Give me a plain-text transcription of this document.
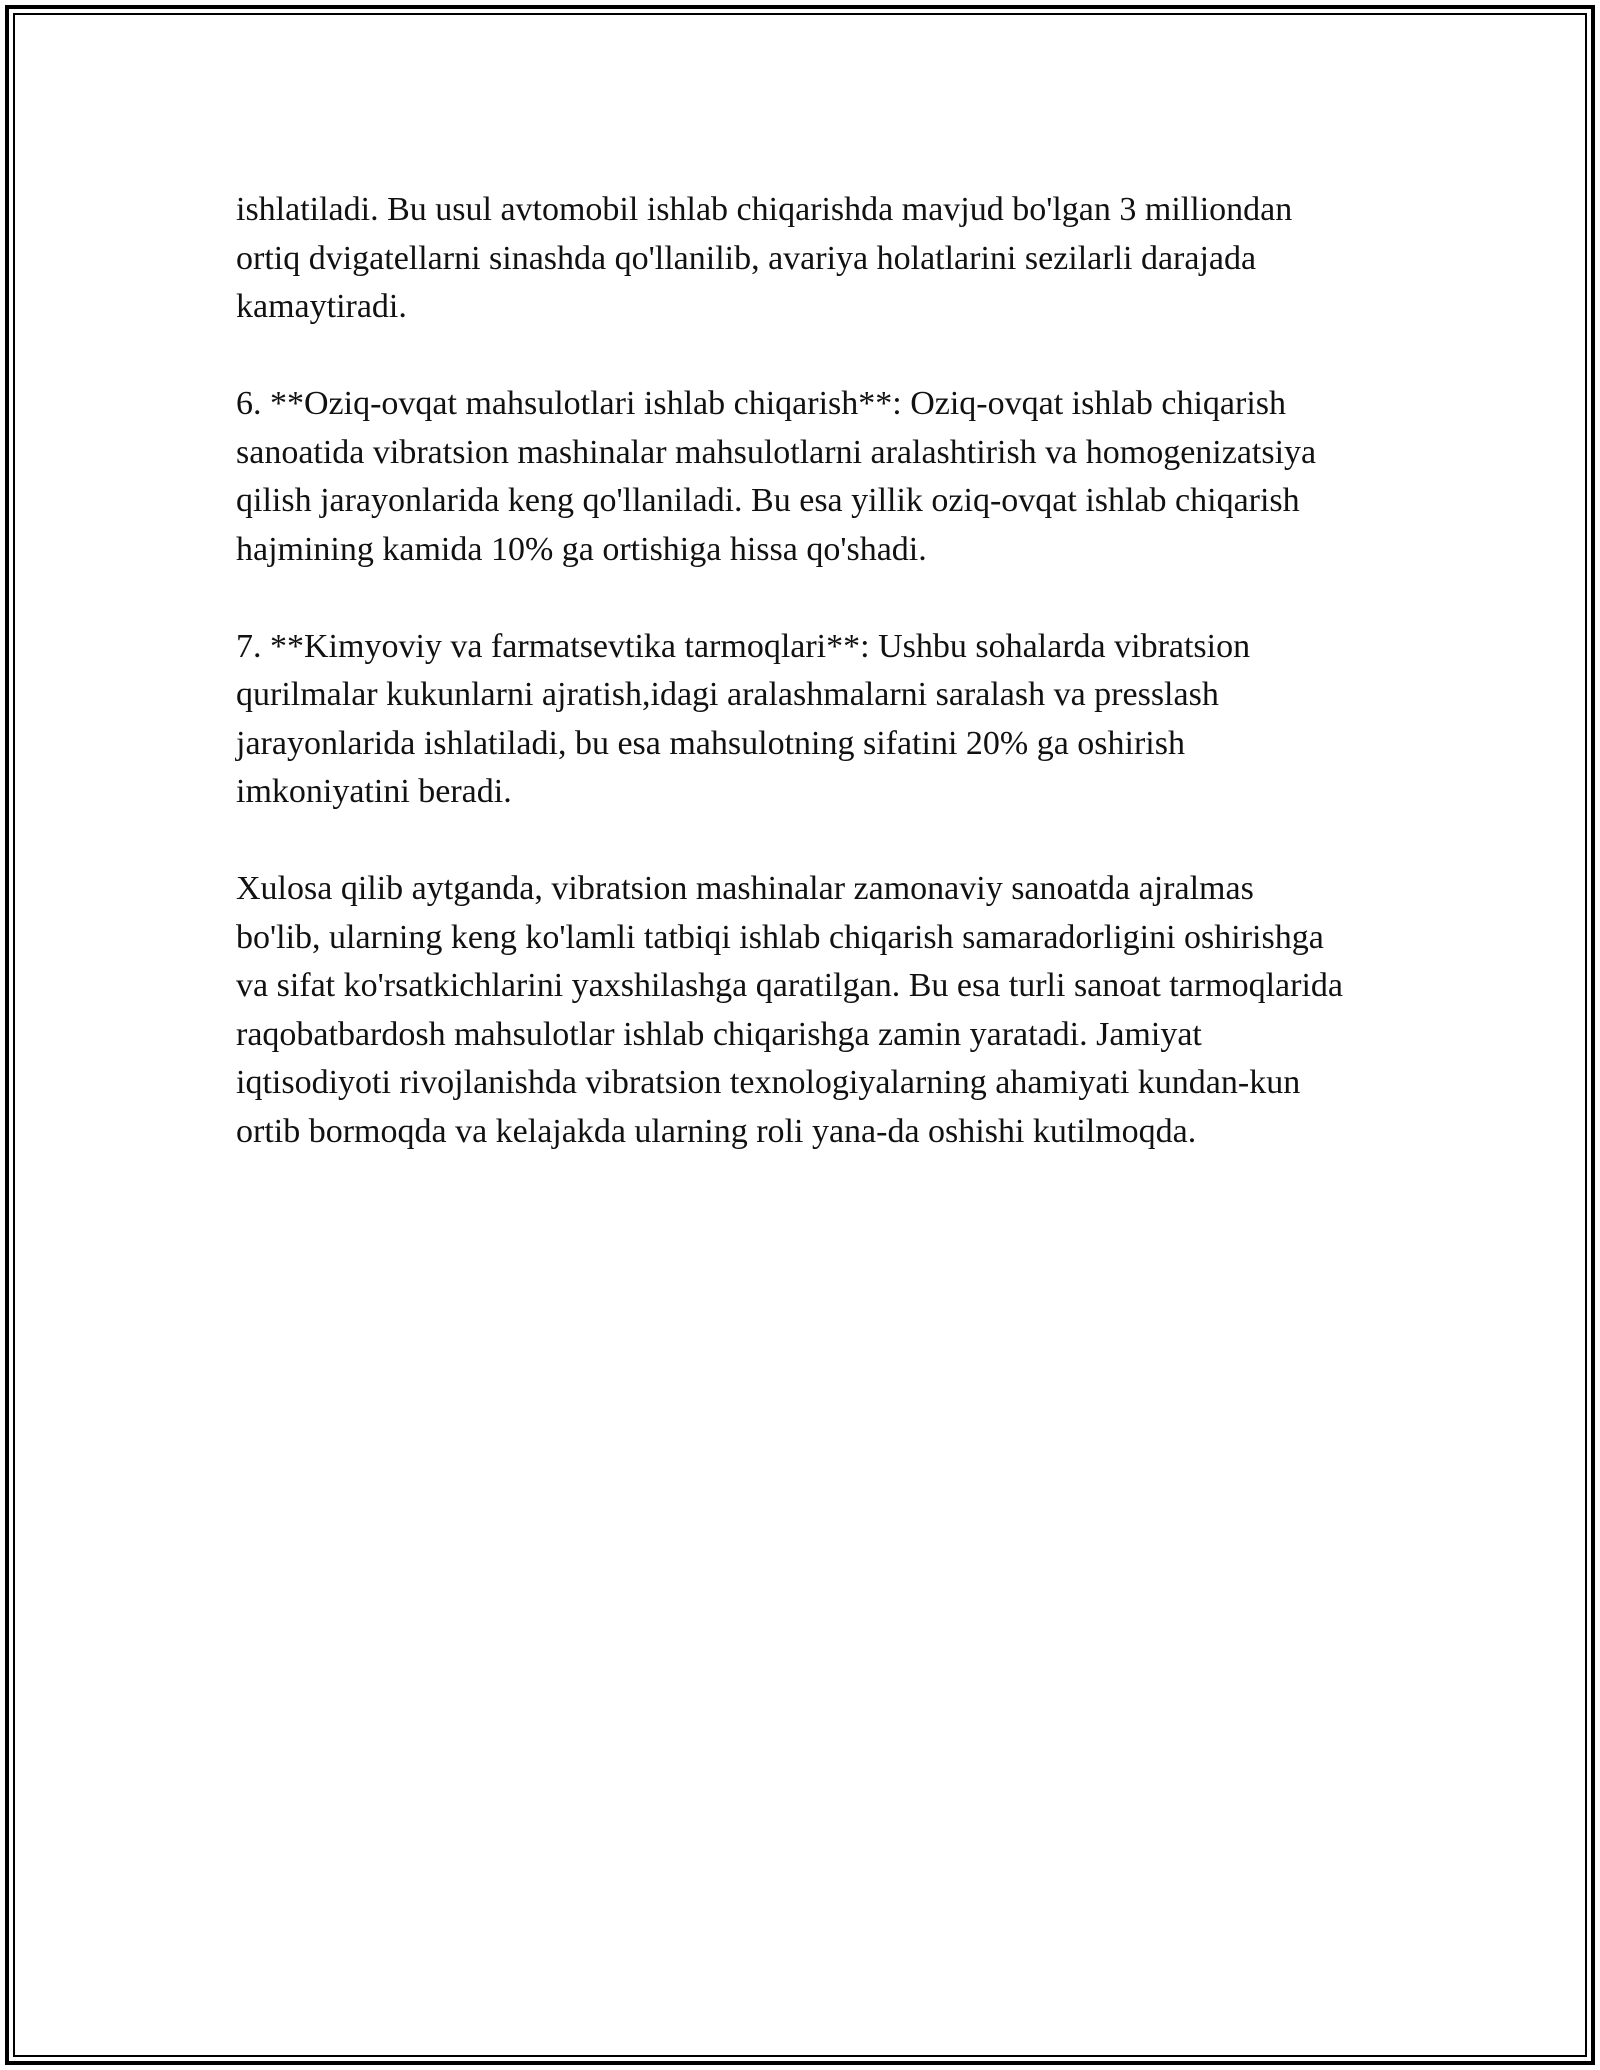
ishlatiladi. Bu usul avtomobil ishlab chiqarishda mavjud bo'lgan 3 milliondan ortiq dvigatellarni sinashda qo'llanilib, avariya holatlarini sezilarli darajada kamaytiradi.

6. **Oziq-ovqat mahsulotlari ishlab chiqarish**: Oziq-ovqat ishlab chiqarish sanoatida vibratsion mashinalar mahsulotlarni aralashtirish va homogenizatsiya qilish jarayonlarida keng qo'llaniladi. Bu esa yillik oziq-ovqat ishlab chiqarish hajmining kamida 10% ga ortishiga hissa qo'shadi.

7. **Kimyoviy va farmatsevtika tarmoqlari**: Ushbu sohalarda vibratsion qurilmalar kukunlarni ajratish,idagi aralashmalarni saralash va presslash jarayonlarida ishlatiladi, bu esa mahsulotning sifatini 20% ga oshirish imkoniyatini beradi.

Xulosa qilib aytganda, vibratsion mashinalar zamonaviy sanoatda ajralmas bo'lib, ularning keng ko'lamli tatbiqi ishlab chiqarish samaradorligini oshirishga va sifat ko'rsatkichlarini yaxshilashga qaratilgan. Bu esa turli sanoat tarmoqlarida raqobatbardosh mahsulotlar ishlab chiqarishga zamin yaratadi. Jamiyat iqtisodiyoti rivojlanishda vibratsion texnologiyalarning ahamiyati kundan-kun ortib bormoqda va kelajakda ularning roli yana-da oshishi kutilmoqda.
